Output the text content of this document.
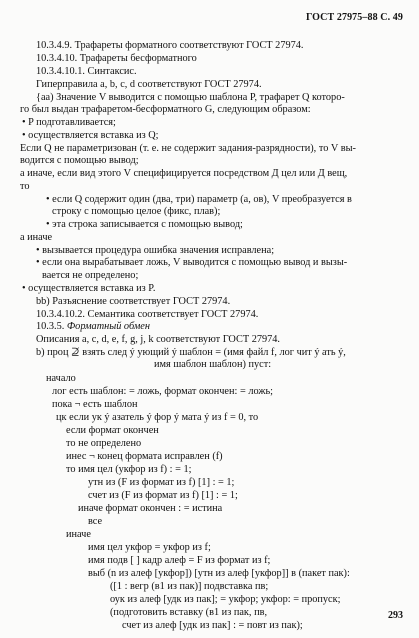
ГОСТ 27975–88 С. 49
10.3.4.9. Трафареты форматного соответствуют ГОСТ 27974.
10.3.4.10. Трафареты бесформатного
10.3.4.10.1. Синтаксис.
Гиперправила a, b, c, d соответствуют ГОСТ 27974.
{aa) Значение V выводится с помощью шаблона P, трафарет Q которо-
го был выдан трафаретом-бесформатного G, следующим образом:
• P подготавливается;
• осуществляется вставка из Q;
Если Q не параметризован (т. е. не содержит задания-разрядности), то V вы-
водится с помощью вывод;
а иначе, если вид этого V специфицируется посредством Д цел или Д вещ,
то
• если Q содержит один (два, три) параметр (a, ов), V преобразуется в
строку с помощью целое (фикс, плав);
• эта строка записывается с помощью вывод;
а иначе
• вызывается процедура ошибка значения исправлена;
• если она вырабатывает ложь, V выводится с помощью вывод и вызы-
вается не определено;
• осуществляется вставка из P.
bb) Разъяснение соответствует ГОСТ 27974.
10.3.4.10.2. Семантика соответствует ГОСТ 27974.
10.3.5. Форматный обмен
Описания a, c, d, e, f, g, j, k соответствуют ГОСТ 27974.
b) проц ⊉ взять след ý ующий ý шаблон = (имя файл f, лог чит ý ать ý,
имя шаблон шаблон) пуст:
начало
лог есть шаблон: = ложь, формат окончен: = ложь;
пока ¬ есть шаблон
цк если ук ý азатель ý фор ý мата ý из f = 0, то
если формат окончен
то не определено
инес ¬ конец формата исправлен (f)
то имя цел (укфор из f) : = 1;
утн из (F из формат из f) [1] : = 1;
счет из (F из формат из f) [1] : = 1;
иначе формат окончен : = истина
все
иначе
имя цел укфор = укфор из f;
имя подв [ ] кадр алеф = F из формат из f;
выб (n из алеф [укфор]) [утн из алеф [укфор]] в (пакет пак):
([1 : вегр (в1 из пак)] подвставка пв;
оук из алеф [удк из пак]; = укфор; укфор: = пропуск;
(подготовить вставку (в1 из пак, пв,
счет из алеф [удк из пак] : = повт из пак);
293
